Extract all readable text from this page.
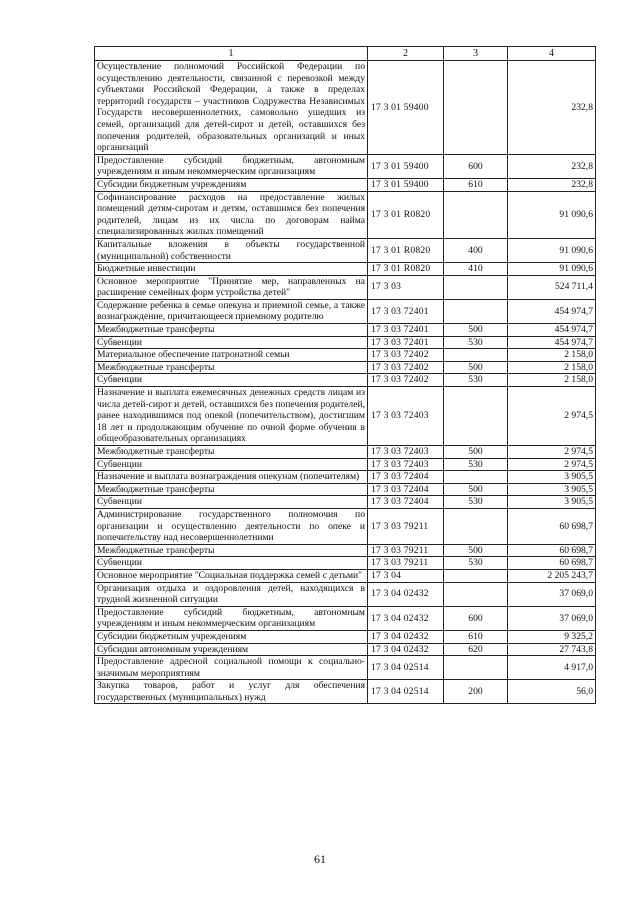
1	2	3	4
Осуществление полномочий Российской Федерации по осуществлению деятельности, связанной с перевозкой между субъектами Российской Федерации, а также в пределах территорий государств – участников Содружества Независимых Государств несовершеннолетних, самовольно ушедших из семей, организаций для детей-сирот и детей, оставшихся без попечения родителей, образовательных организаций и иных организаций	17 3 01 59400		232,8
Предоставление субсидий бюджетным, автономным учреждениям и иным некоммерческим организациям	17 3 01 59400	600	232,8
Субсидии бюджетным учреждениям	17 3 01 59400	610	232,8
Софинансирование расходов на предоставление жилых помещений детям-сиротам и детям, оставшимся без попечения родителей, лицам из их числа по договорам найма специализированных жилых помещений	17 3 01 R0820		91 090,6
Капитальные вложения в объекты государственной (муниципальной) собственности	17 3 01 R0820	400	91 090,6
Бюджетные инвестиции	17 3 01 R0820	410	91 090,6
Основное мероприятие "Принятие мер, направленных на расширение семейных форм устройства детей"	17 3 03		524 711,4
Содержание ребенка в семье опекуна и приемной семье, а также вознаграждение, причитающееся приемному родителю	17 3 03 72401		454 974,7
Межбюджетные трансферты	17 3 03 72401	500	454 974,7
Субвенции	17 3 03 72401	530	454 974,7
Материальное обеспечение патронатной семьи	17 3 03 72402		2 158,0
Межбюджетные трансферты	17 3 03 72402	500	2 158,0
Субвенции	17 3 03 72402	530	2 158,0
Назначение и выплата ежемесячных денежных средств лицам из числа детей-сирот и детей, оставшихся без попечения родителей, ранее находившимся под опекой (попечительством), достигшим 18 лет и продолжающим обучение по очной форме обучения в общеобразовательных организациях	17 3 03 72403		2 974,5
Межбюджетные трансферты	17 3 03 72403	500	2 974,5
Субвенции	17 3 03 72403	530	2 974,5
Назначение и выплата вознаграждения опекунам (попечителям)	17 3 03 72404		3 905,5
Межбюджетные трансферты	17 3 03 72404	500	3 905,5
Субвенции	17 3 03 72404	530	3 905,5
Администрирование государственного полномочия по организации и осуществлению деятельности по опеке и попечительству над несовершеннолетними	17 3 03 79211		60 698,7
Межбюджетные трансферты	17 3 03 79211	500	60 698,7
Субвенции	17 3 03 79211	530	60 698,7
Основное мероприятие "Социальная поддержка семей с детьми"	17 3 04		2 205 243,7
Организация отдыха и оздоровления детей, находящихся в трудной жизненной ситуации	17 3 04 02432		37 069,0
Предоставление субсидий бюджетным, автономным учреждениям и иным некоммерческим организациям	17 3 04 02432	600	37 069,0
Субсидии бюджетным учреждениям	17 3 04 02432	610	9 325,2
Субсидии автономным учреждениям	17 3 04 02432	620	27 743,8
Предоставление адресной социальной помощи к социально-значимым мероприятиям	17 3 04 02514		4 917,0
Закупка товаров, работ и услуг для обеспечения государственных (муниципальных) нужд	17 3 04 02514	200	56,0
61
